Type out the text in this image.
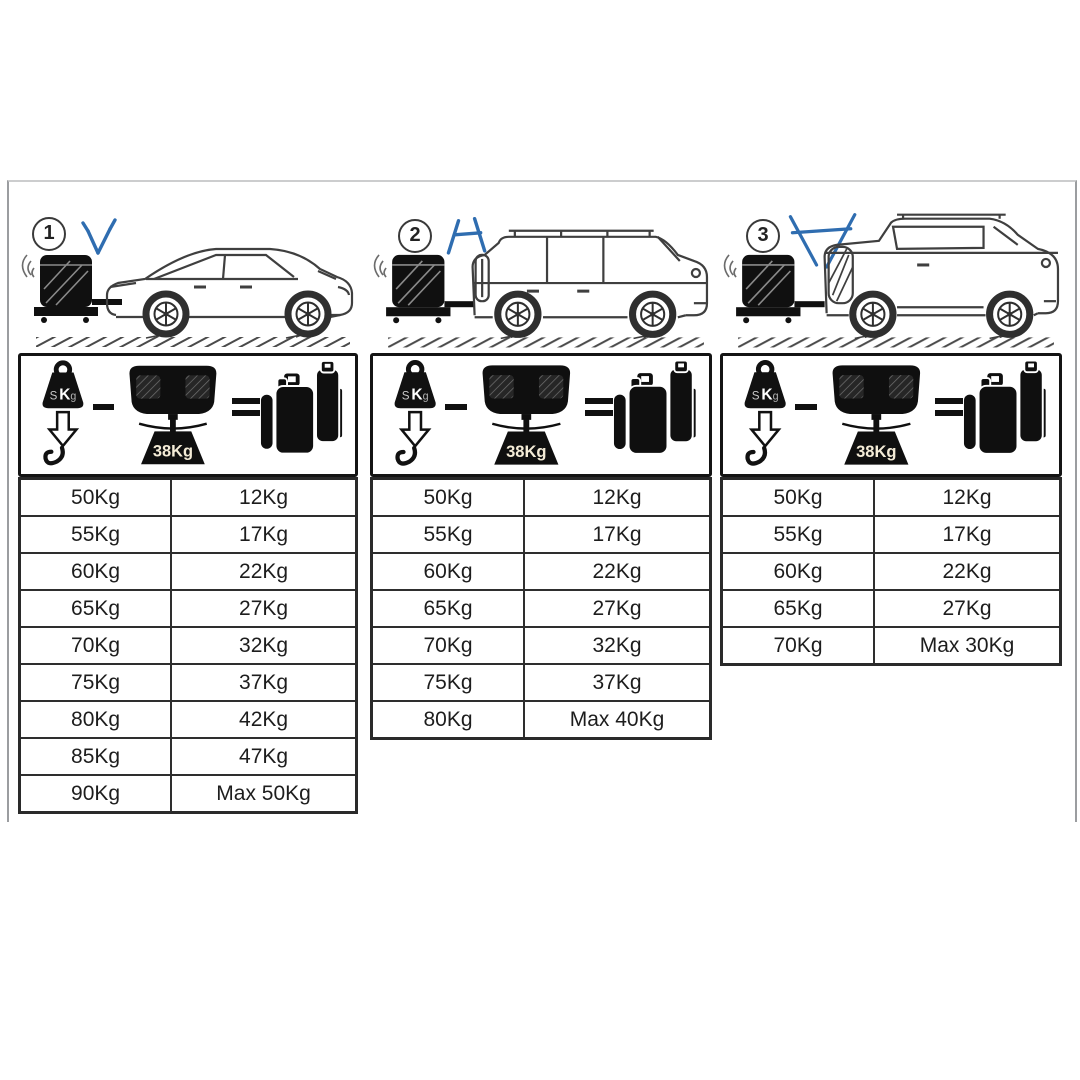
1
S Kg
38Kg
50Kg	12Kg
55Kg	17Kg
60Kg	22Kg
65Kg	27Kg
70Kg	32Kg
75Kg	37Kg
80Kg	42Kg
85Kg	47Kg
90Kg	Max 50Kg
2
S Kg
38Kg
50Kg	12Kg
55Kg	17Kg
60Kg	22Kg
65Kg	27Kg
70Kg	32Kg
75Kg	37Kg
80Kg	Max 40Kg
3
S Kg
38Kg
50Kg	12Kg
55Kg	17Kg
60Kg	22Kg
65Kg	27Kg
70Kg	Max 30Kg
